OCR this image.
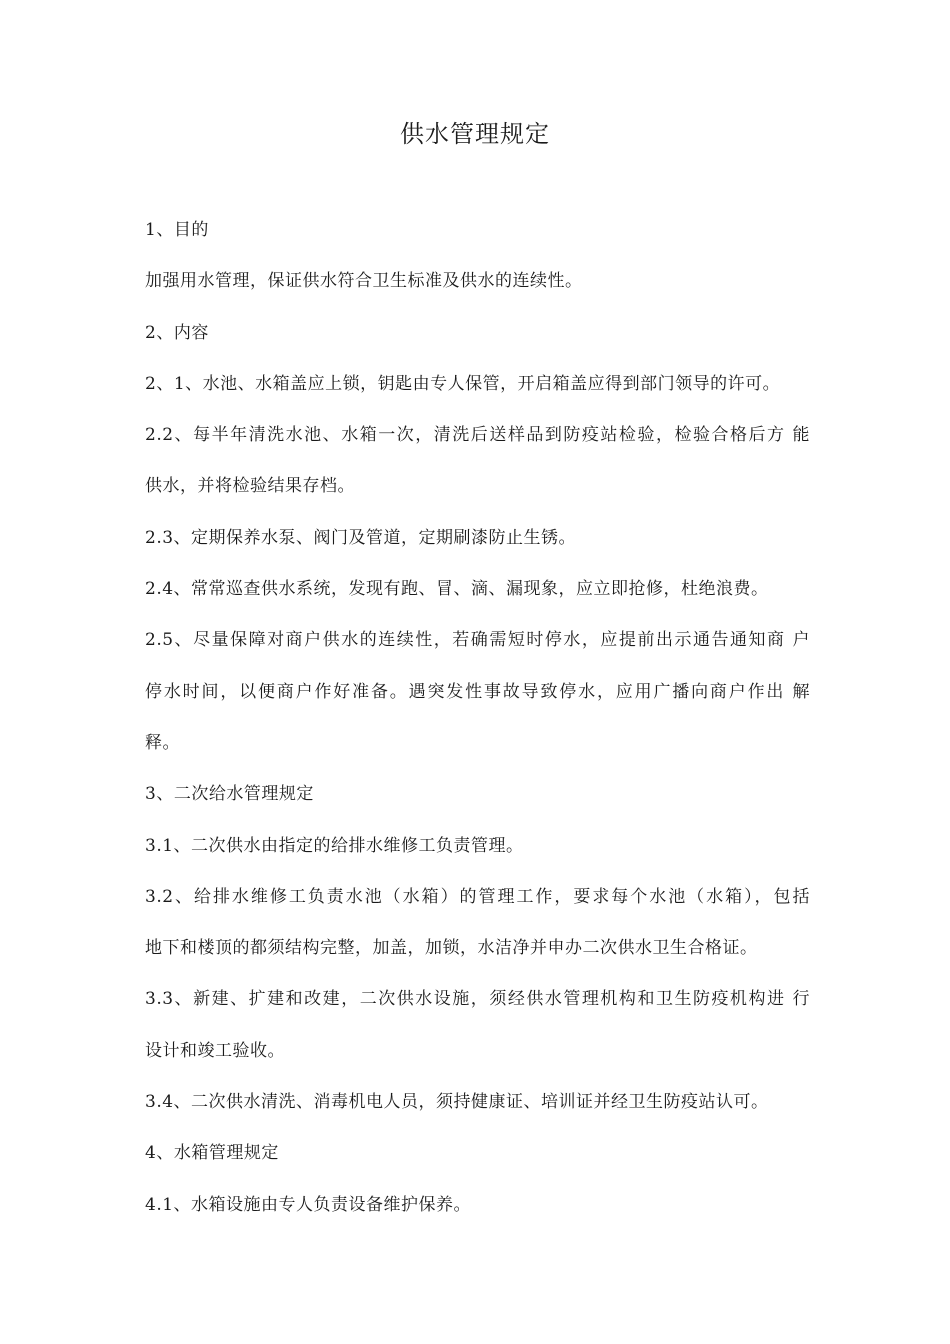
供水管理规定
1、目的
加强用水管理，保证供水符合卫生标准及供水的连续性。
2、内容
2、1、水池、水箱盖应上锁，钥匙由专人保管，开启箱盖应得到部门领导的许可。
2.2、每半年清洗水池、水箱一次，清洗后送样品到防疫站检验，检验合格后方 能
供水，并将检验结果存档。
2.3、定期保养水泵、阀门及管道，定期刷漆防止生锈。
2.4、常常巡查供水系统，发现有跑、冒、滴、漏现象，应立即抢修，杜绝浪费。
2.5、尽量保障对商户供水的连续性，若确需短时停水，应提前出示通告通知商 户
停水时间，以便商户作好准备。遇突发性事故导致停水，应用广播向商户作出 解
释。
3、二次给水管理规定
3.1、二次供水由指定的给排水维修工负责管理。
3.2、给排水维修工负责水池（水箱）的管理工作，要求每个水池（水箱），包括
地下和楼顶的都须结构完整，加盖，加锁，水洁净并申办二次供水卫生合格证。
3.3、新建、扩建和改建，二次供水设施，须经供水管理机构和卫生防疫机构进 行
设计和竣工验收。
3.4、二次供水清洗、消毒机电人员，须持健康证、培训证并经卫生防疫站认可。
4、水箱管理规定
4.1、水箱设施由专人负责设备维护保养。
